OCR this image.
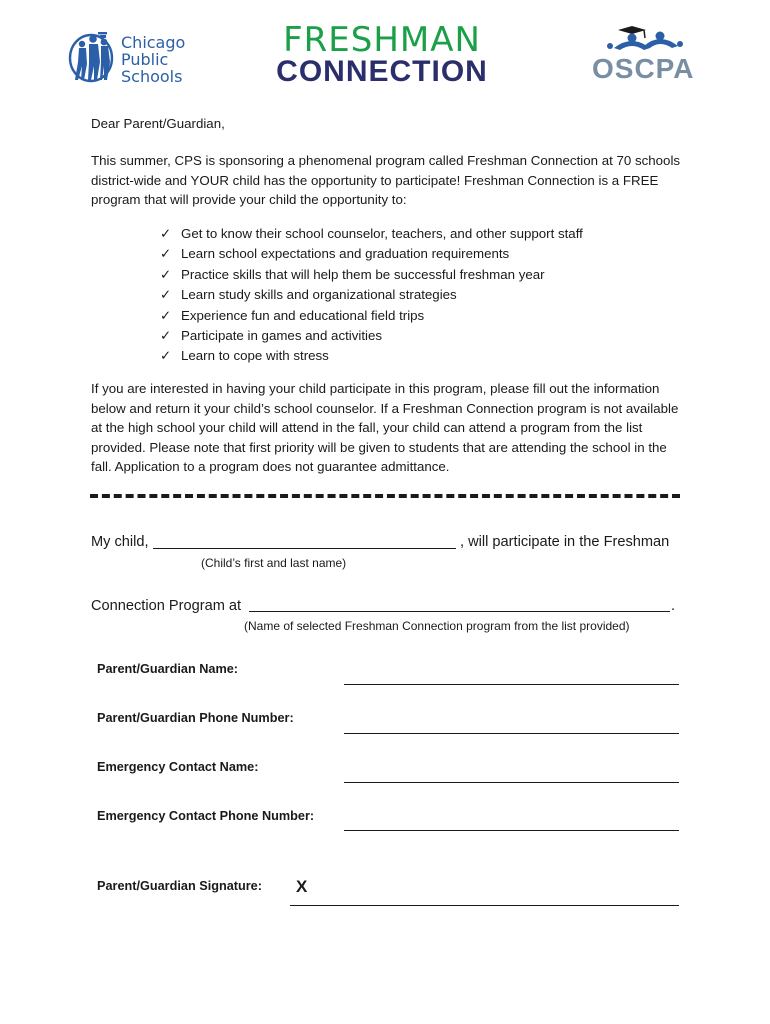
Chicago
Public
Schools
FRESHMAN
CONNECTION	OSCPA
Dear Parent/Guardian,
This summer, CPS is sponsoring a phenomenal program called Freshman Connection at 70 schools district-wide and YOUR child has the opportunity to participate! Freshman Connection is a FREE program that will provide your child the opportunity to:
✓ Get to know their school counselor, teachers, and other support staff
✓ Learn school expectations and graduation requirements
✓ Practice skills that will help them be successful freshman year
✓ Learn study skills and organizational strategies
✓ Experience fun and educational field trips
✓ Participate in games and activities
✓ Learn to cope with stress
If you are interested in having your child participate in this program, please fill out the information below and return it your child’s school counselor. If a Freshman Connection program is not available at the high school your child will attend in the fall, your child can attend a program from the list provided. Please note that first priority will be given to students that are attending the school in the fall. Application to a program does not guarantee admittance.
My child,	, will participate in the Freshman
(Child’s first and last name)
Connection Program at	.
(Name of selected Freshman Connection program from the list provided)
Parent/Guardian Name:
Parent/Guardian Phone Number:
Emergency Contact Name:
Emergency Contact Phone Number:
Parent/Guardian Signature: X
